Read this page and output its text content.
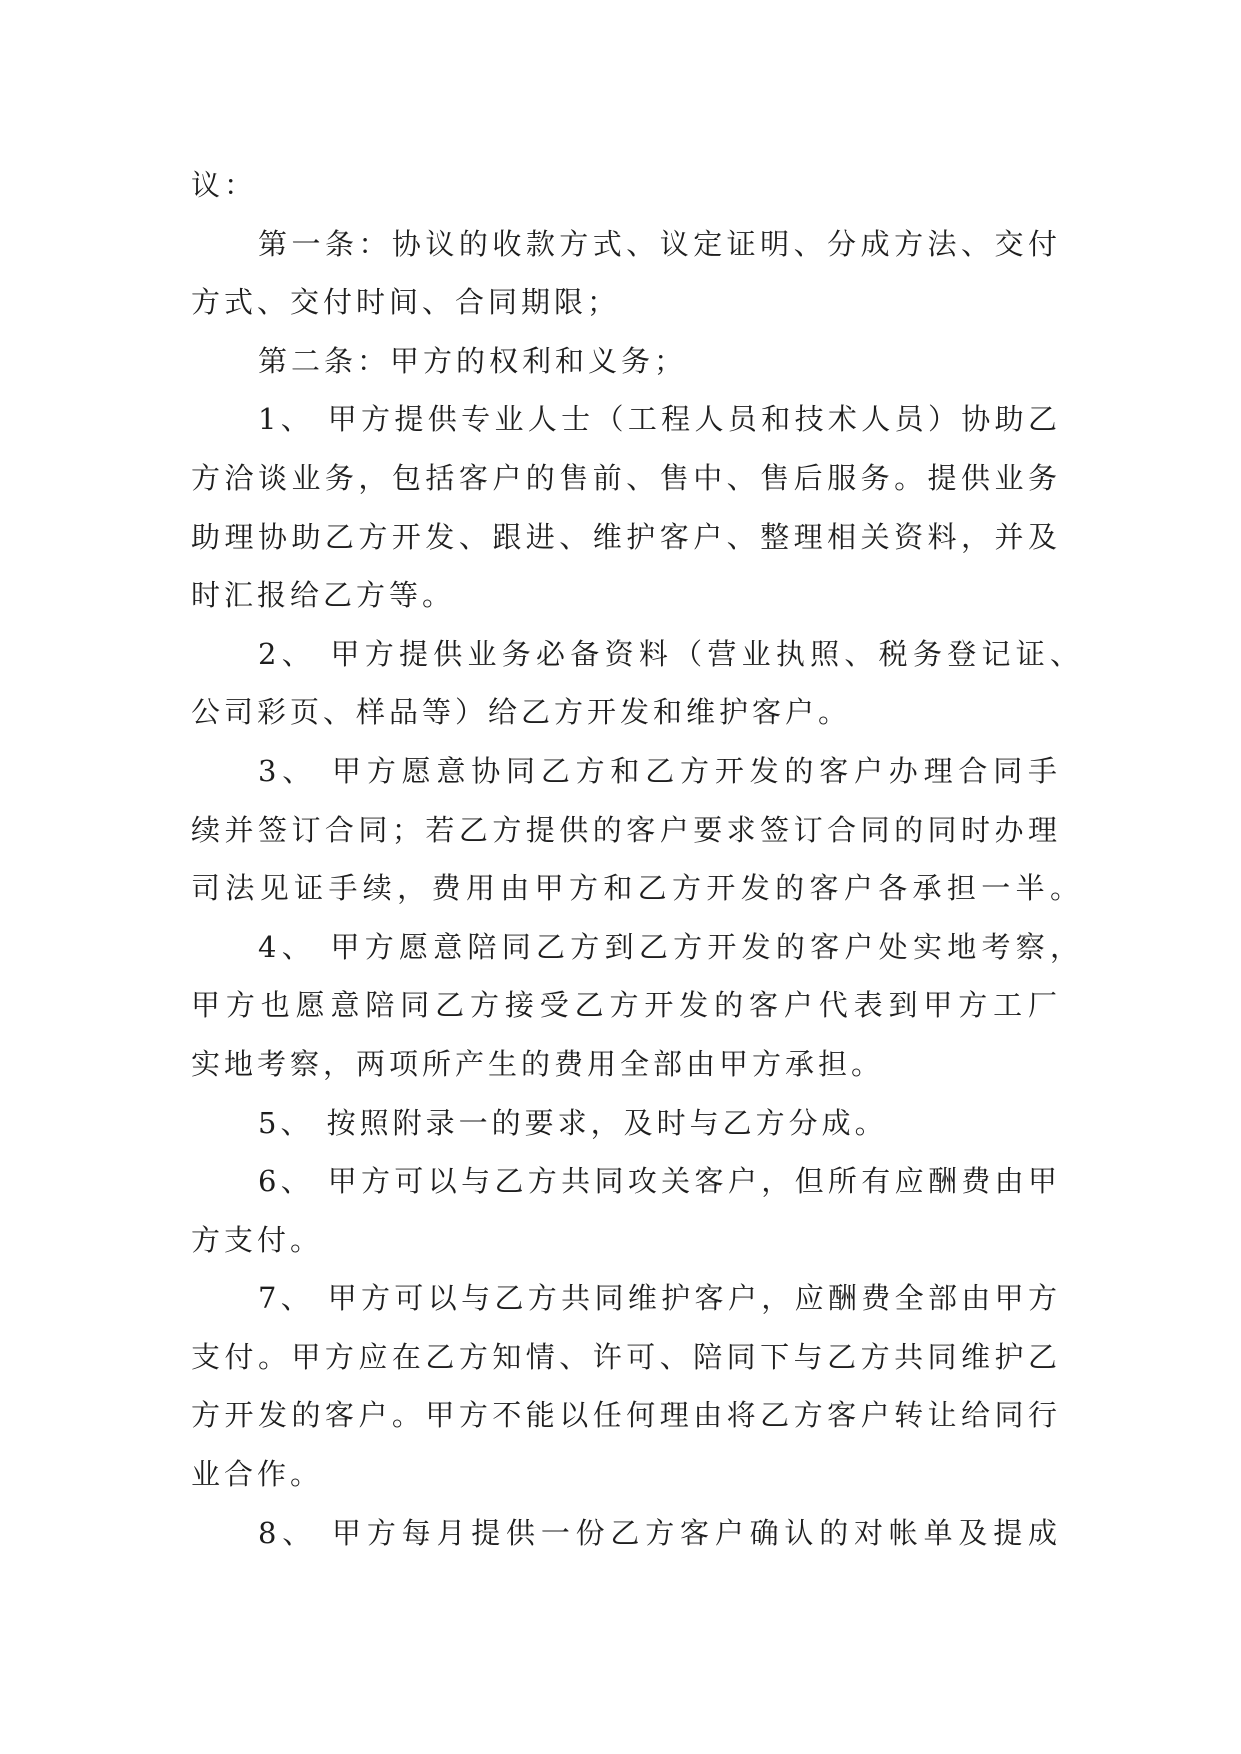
议：
第一条：协议的收款方式、议定证明、分成方法、交付
方式、交付时间、合同期限；
第二条：甲方的权利和义务；
1、 甲方提供专业人士（工程人员和技术人员）协助乙
方洽谈业务，包括客户的售前、售中、售后服务。提供业务
助理协助乙方开发、跟进、维护客户、整理相关资料，并及
时汇报给乙方等。
2、 甲方提供业务必备资料（营业执照、税务登记证、
公司彩页、样品等）给乙方开发和维护客户。
3、 甲方愿意协同乙方和乙方开发的客户办理合同手
续并签订合同；若乙方提供的客户要求签订合同的同时办理
司法见证手续，费用由甲方和乙方开发的客户各承担一半。
4、 甲方愿意陪同乙方到乙方开发的客户处实地考察，
甲方也愿意陪同乙方接受乙方开发的客户代表到甲方工厂
实地考察，两项所产生的费用全部由甲方承担。
5、 按照附录一的要求，及时与乙方分成。
6、 甲方可以与乙方共同攻关客户，但所有应酬费由甲
方支付。
7、 甲方可以与乙方共同维护客户，应酬费全部由甲方
支付。甲方应在乙方知情、许可、陪同下与乙方共同维护乙
方开发的客户。甲方不能以任何理由将乙方客户转让给同行
业合作。
8、 甲方每月提供一份乙方客户确认的对帐单及提成
